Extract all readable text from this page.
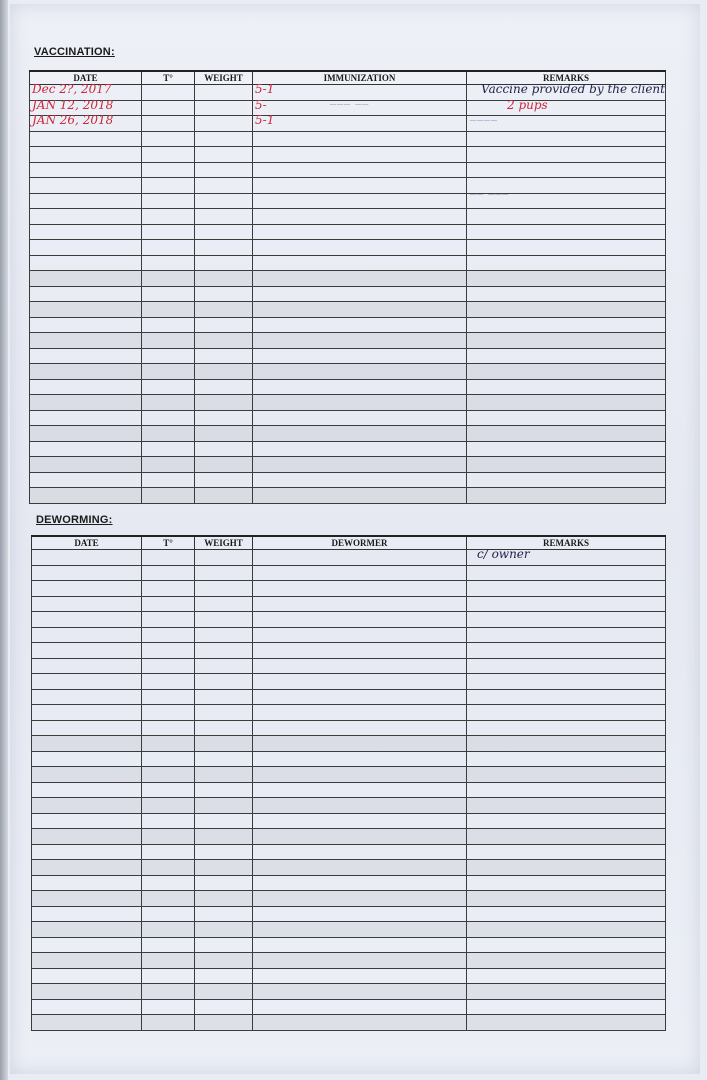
─── ──
────
── ───
VACCINATION:
DATE	T°	WEIGHT	IMMUNIZATION	REMARKS

Dec 2?, 2017			5-1	Vaccine provided by the client

JAN 12, 2018			5-	2 pups

JAN 26, 2018			5-1	

DEWORMING:
DATE	T°	WEIGHT	DEWORMER	REMARKS

				c/ owner
